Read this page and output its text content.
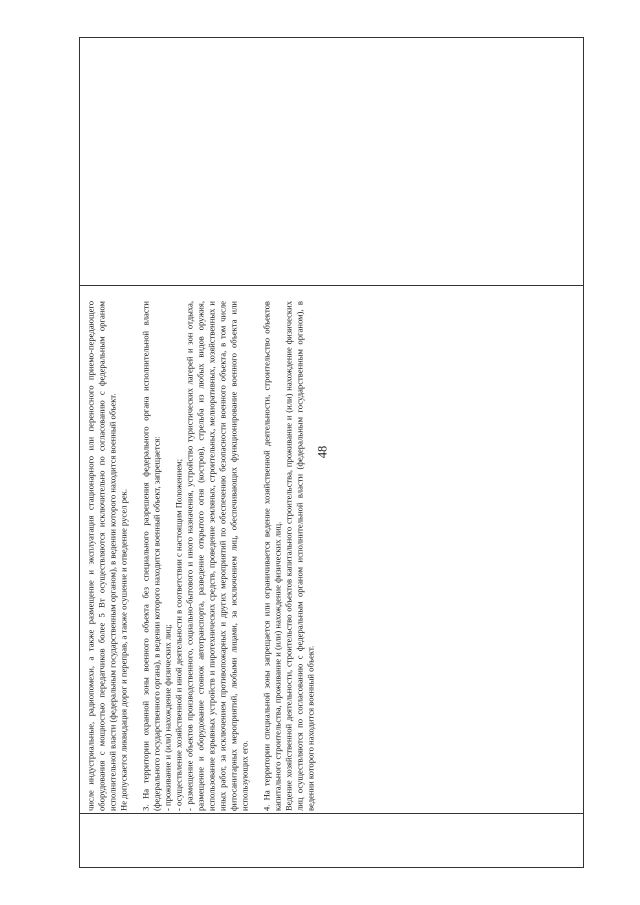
48

числе индустриальные, радиопомехи, а также размещение и эксплуатация стационарного или переносного приемо-передающего оборудования с мощностью передатчиков более 5 Вт осуществляются исключительно по согласованию с федеральным органом исполнительной власти (федеральным государственным органом), в ведении которого находится военный объект. Не допускается ликвидация дорог и переправ, а также осушение и отведение русел рек. 3. На территории охранной зоны военного объекта без специального разрешения федерального органа исполнительной власти (федерального государственного органа), в ведении которого находится военный объект, запрещается: - проживание и (или) нахождение физических лиц; - осуществление хозяйственной и иной деятельности в соответствии с настоящим Положением; - размещение объектов производственного, социально-бытового и иного назначения, устройство туристических лагерей и зон отдыха, размещение и оборудование стоянок автотранспорта, разведение открытого огня (костров), стрельба из любых видов оружия, использование взрывных устройств и пиротехнических средств, проведение земляных, строительных, мелиоративных, хозяйственных и иных работ, за исключением противопожарных и других мероприятий по обеспечению безопасности военного объекта, в том числе фитосанитарных мероприятий, любыми лицами, за исключением лиц, обеспечивающих функционирование военного объекта или использующих его. 4. На территории специальной зоны запрещается или ограничивается ведение хозяйственной деятельности, строительство объектов капитального строительства, проживание и (или) нахождение физических лиц. Ведение хозяйственной деятельности, строительство объектов капитального строительства, проживание и (или) нахождение физических лиц осуществляются по согласованию с федеральным органом исполнительной власти (федеральным государственным органом), в ведении которого находится военный объект.
